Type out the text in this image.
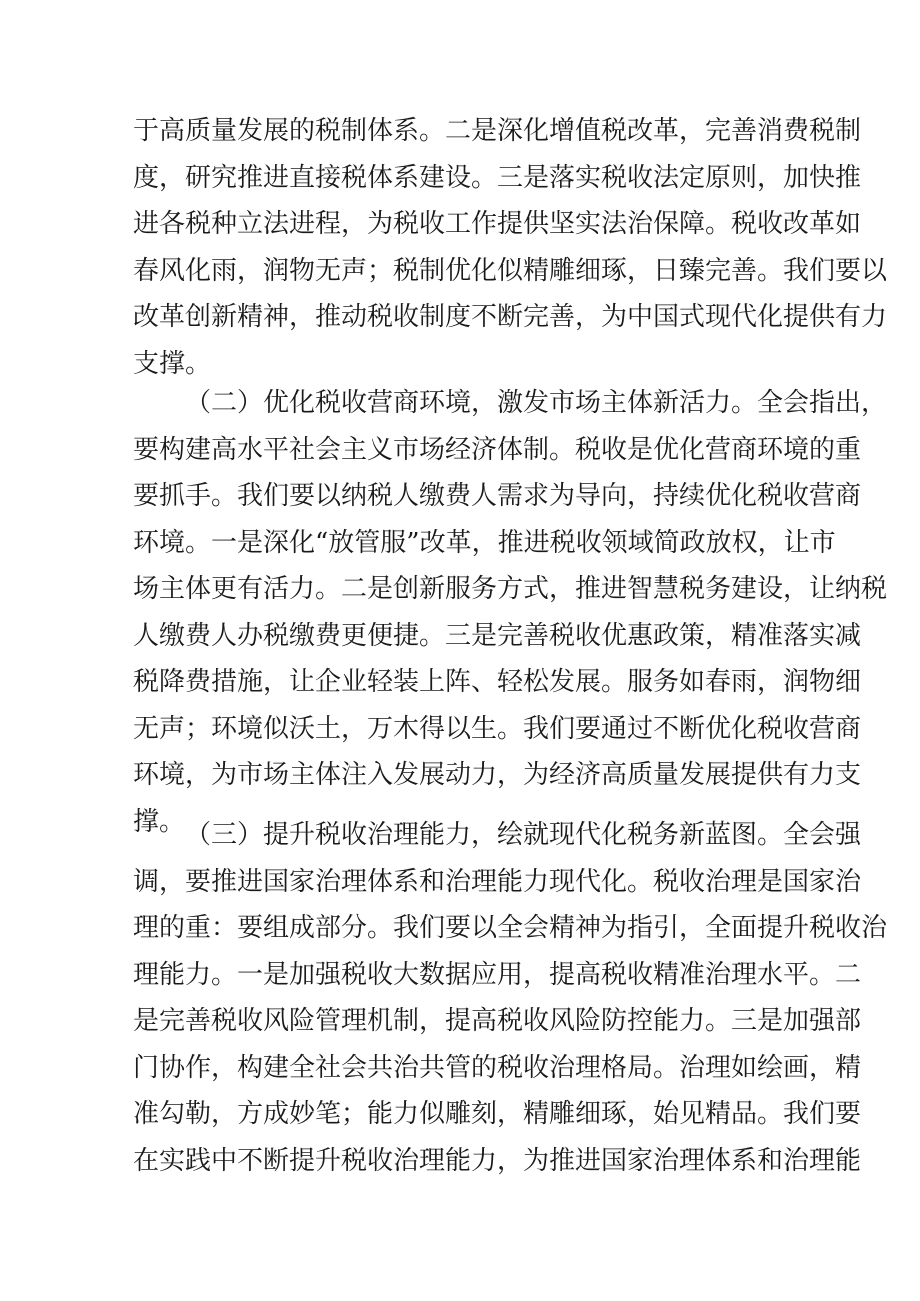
于高质量发展的税制体系。二是深化增值税改革，完善消费税制
度，研究推进直接税体系建设。三是落实税收法定原则，加快推
进各税种立法进程，为税收工作提供坚实法治保障。税收改革如
春风化雨，润物无声；税制优化似精雕细琢，日臻完善。我们要以
改革创新精神，推动税收制度不断完善，为中国式现代化提供有力
支撑。
（二）优化税收营商环境，激发市场主体新活力。全会指出，
要构建高水平社会主义市场经济体制。税收是优化营商环境的重
要抓手。我们要以纳税人缴费人需求为导向，持续优化税收营商
环境。一是深化“放管服”改革，推进税收领域简政放权，让市
场主体更有活力。二是创新服务方式，推进智慧税务建设，让纳税
人缴费人办税缴费更便捷。三是完善税收优惠政策，精准落实减
税降费措施，让企业轻装上阵、轻松发展。服务如春雨，润物细
无声；环境似沃土，万木得以生。我们要通过不断优化税收营商
环境，为市场主体注入发展动力，为经济高质量发展提供有力支
撑。 （三）提升税收治理能力，绘就现代化税务新蓝图。全会强
调，要推进国家治理体系和治理能力现代化。税收治理是国家治
理的重：要组成部分。我们要以全会精神为指引，全面提升税收治
理能力。一是加强税收大数据应用，提高税收精准治理水平。二
是完善税收风险管理机制，提高税收风险防控能力。三是加强部
门协作，构建全社会共治共管的税收治理格局。治理如绘画，精
准勾勒，方成妙笔；能力似雕刻，精雕细琢，始见精品。我们要
在实践中不断提升税收治理能力，为推进国家治理体系和治理能
